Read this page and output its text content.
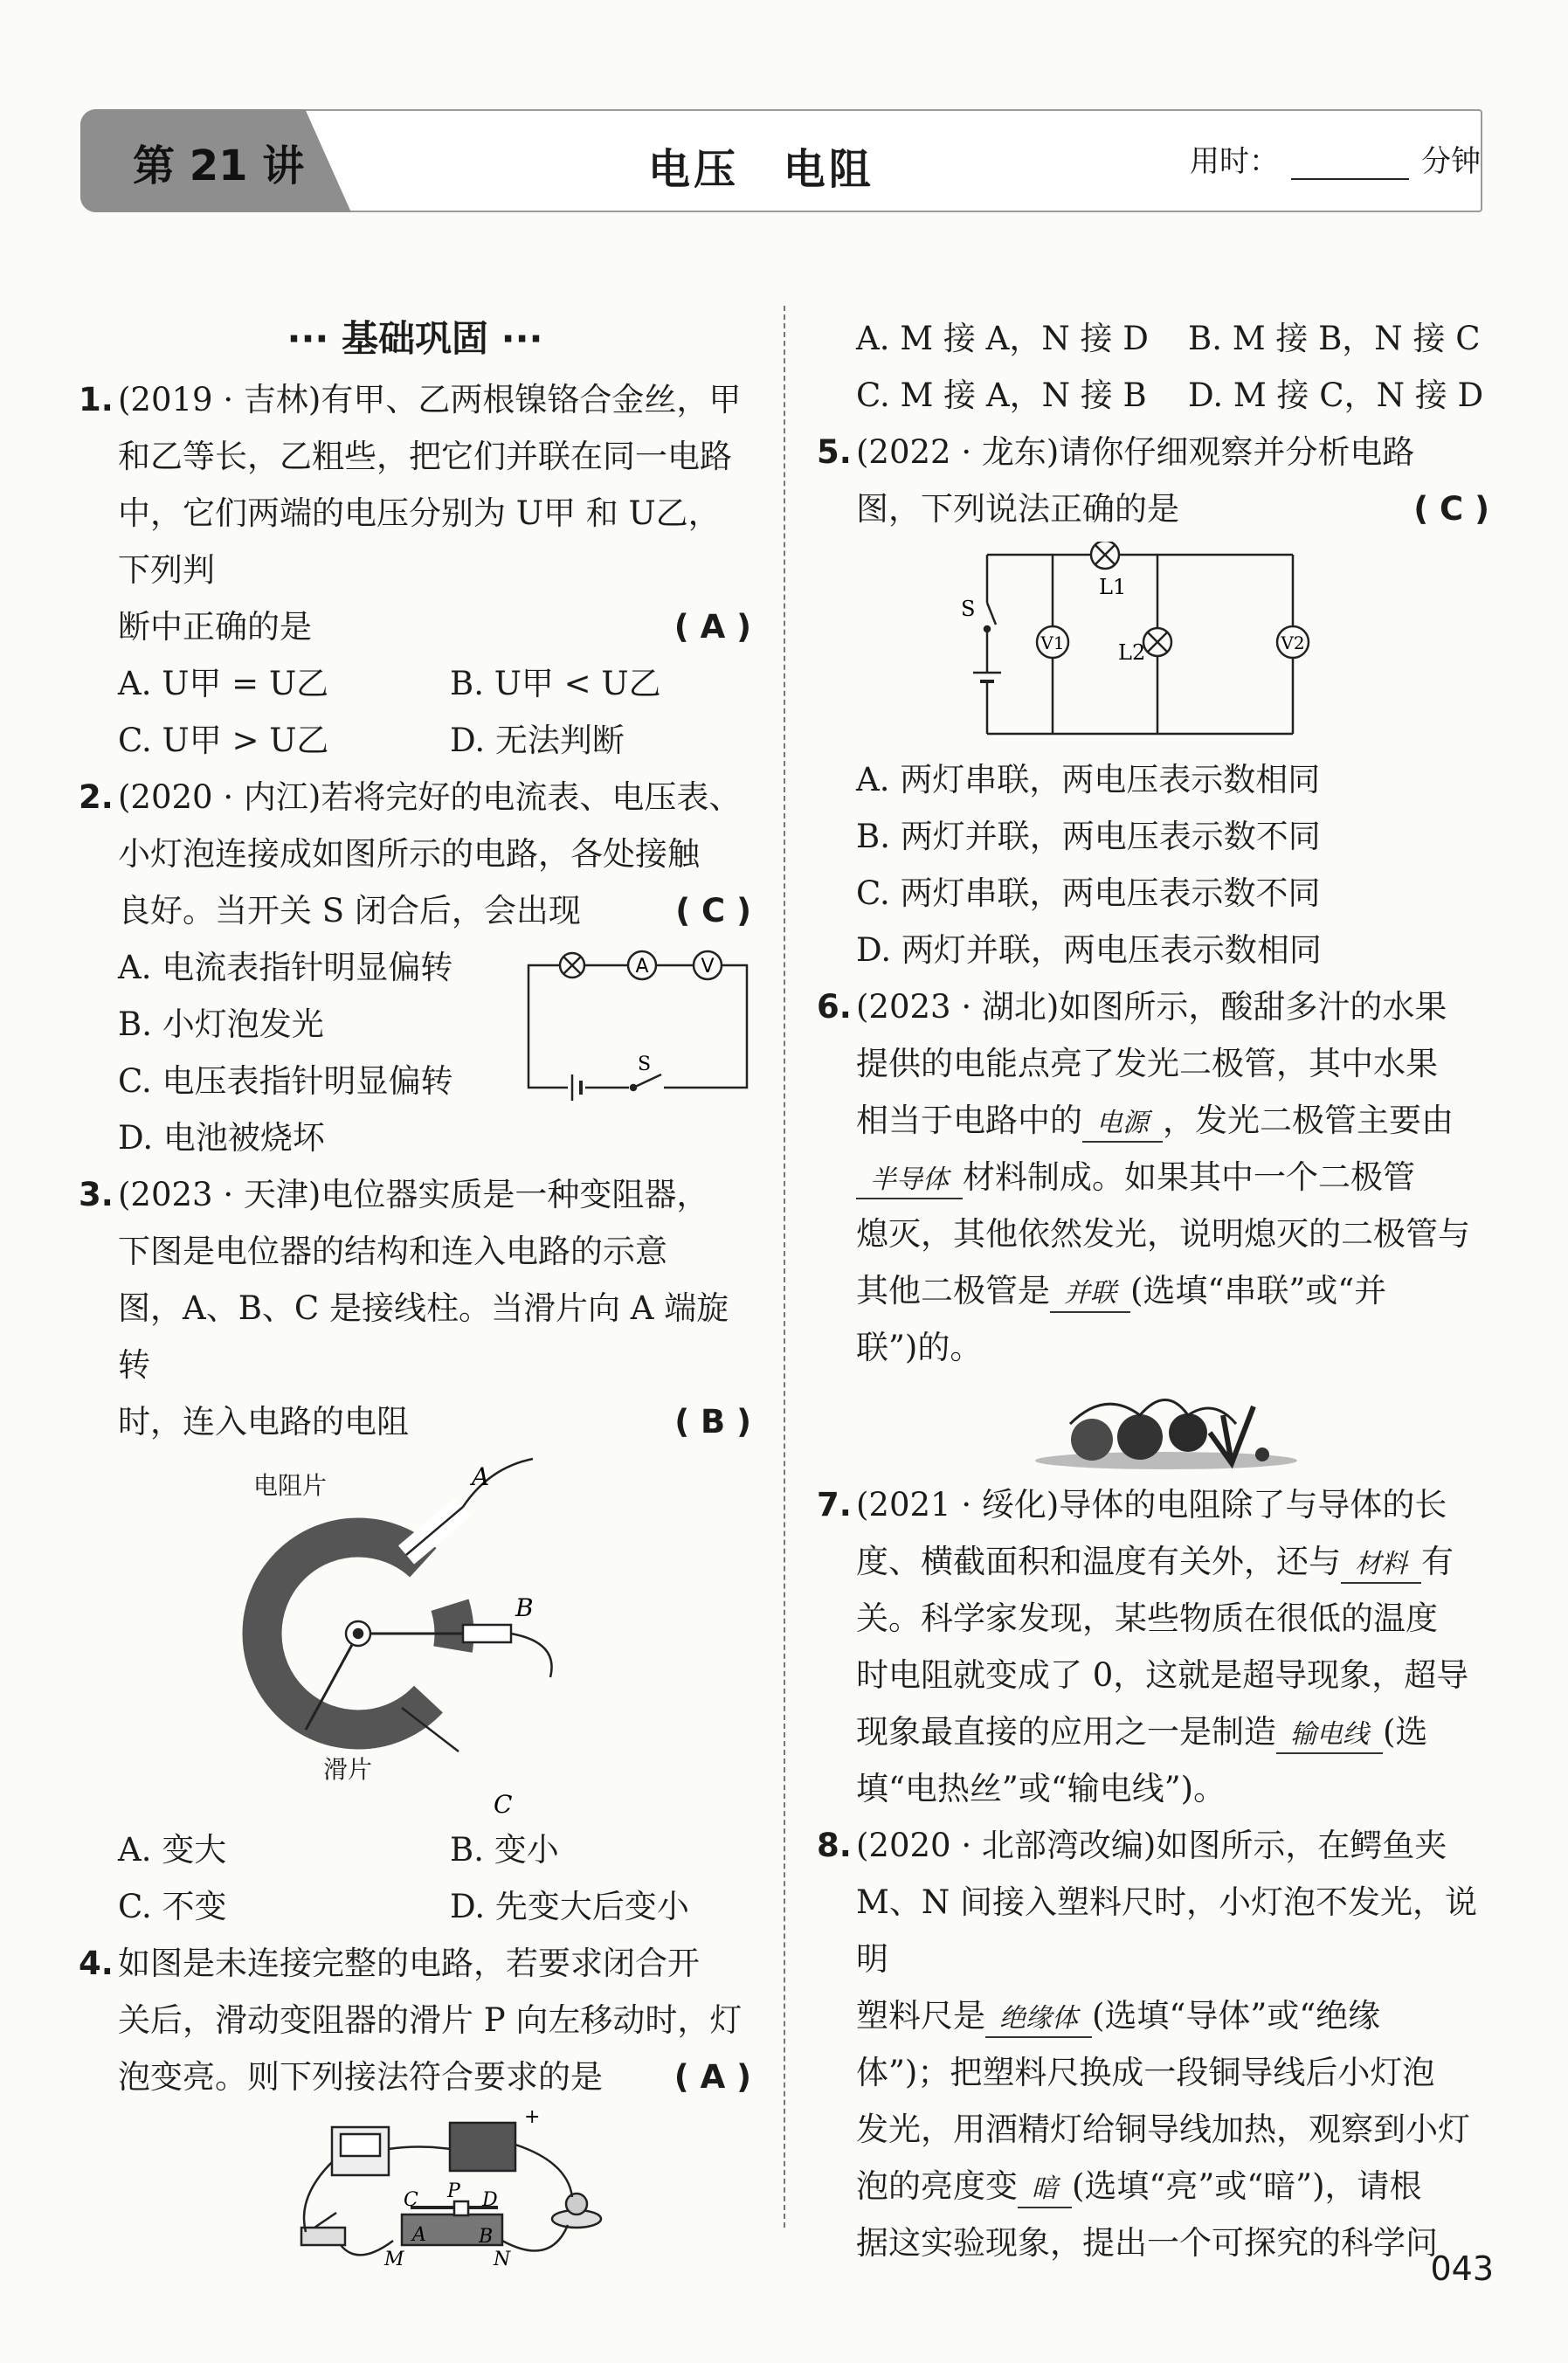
第 21 讲	电压 电阻	用时：	分钟
··· 基础巩固 ···
1. (2019 · 吉林)有甲、乙两根镍铬合金丝，甲
和乙等长，乙粗些，把它们并联在同一电路
中，它们两端的电压分别为 U甲 和 U乙，下列判
断中正确的是	( A )
A. U甲 = U乙	B. U甲 < U乙
C. U甲 > U乙	D. 无法判断
2. (2020 · 内江)若将完好的电流表、电压表、
小灯泡连接成如图所示的电路，各处接触
良好。当开关 S 闭合后，会出现	( C )
A. 电流表指针明显偏转
B. 小灯泡发光
C. 电压表指针明显偏转
D. 电池被烧坏
A	V
S
3. (2023 · 天津)电位器实质是一种变阻器，
下图是电位器的结构和连入电路的示意
图，A、B、C 是接线柱。当滑片向 A 端旋转
时，连入电路的电阻	( B )
A
B
C
电阻片
滑片
A. 变大	B. 变小
C. 不变	D. 先变大后变小
4. 如图是未连接完整的电路，若要求闭合开
关后，滑动变阻器的滑片 P 向左移动时，灯
泡变亮。则下列接法符合要求的是 ( A )
+
C P D
A	B
M	N
A. M 接 A，N 接 D	B. M 接 B，N 接 C
C. M 接 A，N 接 B	D. M 接 C，N 接 D
5. (2022 · 龙东)请你仔细观察并分析电路
图，下列说法正确的是	( C )
S
L1
L2
V1	V2
A. 两灯串联，两电压表示数相同
B. 两灯并联，两电压表示数不同
C. 两灯串联，两电压表示数不同
D. 两灯并联，两电压表示数相同
6. (2023 · 湖北)如图所示，酸甜多汁的水果
提供的电能点亮了发光二极管，其中水果
相当于电路中的 电源 ，发光二极管主要由
半导体 材料制成。如果其中一个二极管
熄灭，其他依然发光，说明熄灭的二极管与
其他二极管是 并联 (选填“串联”或“并
联”)的。
7. (2021 · 绥化)导体的电阻除了与导体的长
度、横截面积和温度有关外，还与 材料 有
关。科学家发现，某些物质在很低的温度
时电阻就变成了 0，这就是超导现象，超导
现象最直接的应用之一是制造 输电线 (选
填“电热丝”或“输电线”)。
8. (2020 · 北部湾改编)如图所示，在鳄鱼夹
M、N 间接入塑料尺时，小灯泡不发光，说明
塑料尺是 绝缘体 (选填“导体”或“绝缘
体”)；把塑料尺换成一段铜导线后小灯泡
发光，用酒精灯给铜导线加热，观察到小灯
泡的亮度变 暗 (选填“亮”或“暗”)，请根
据这实验现象，提出一个可探究的科学问
043
